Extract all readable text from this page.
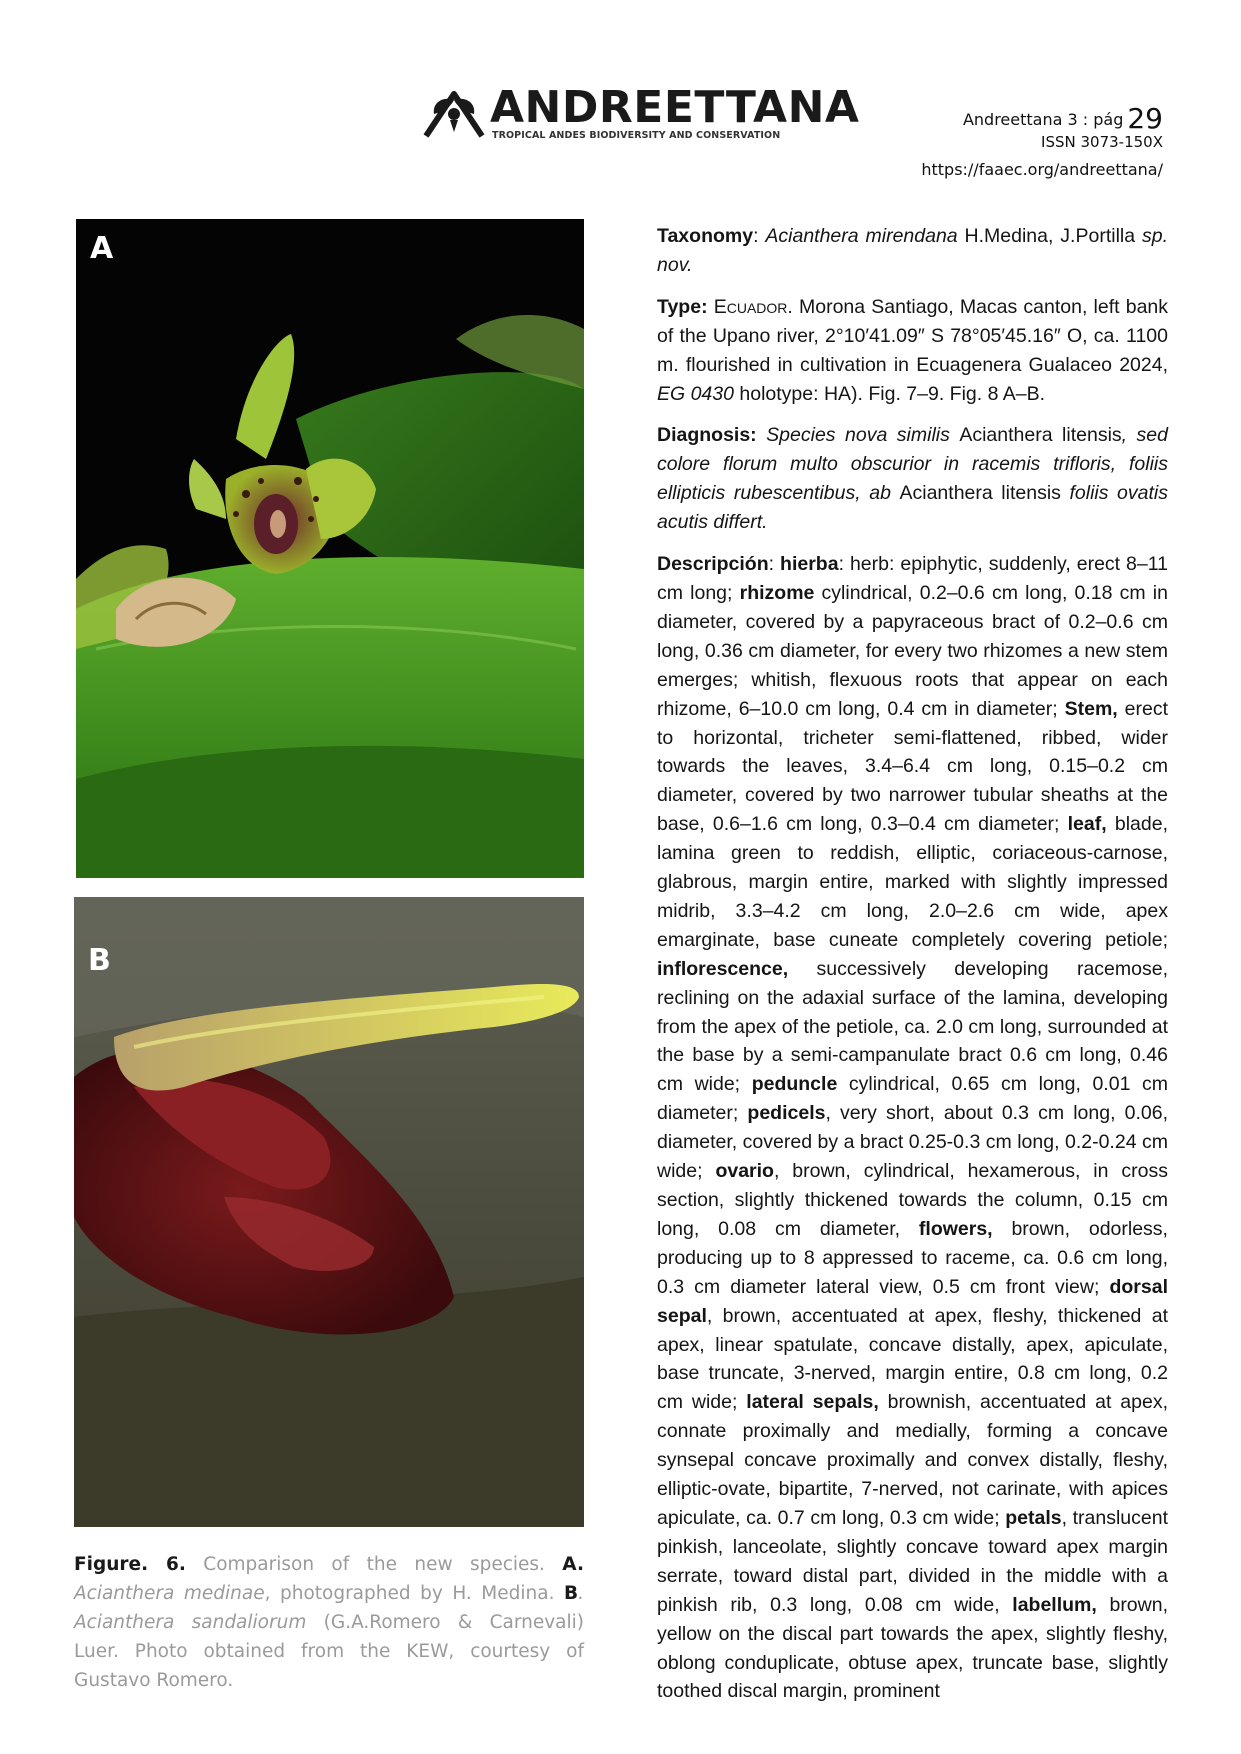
ANDREETTANA
TROPICAL ANDES BIODIVERSITY AND CONSERVATION
Andreettana 3 : pág 29
ISSN 3073-150X
https://faaec.org/andreettana/
A
B
Figure. 6. Comparison of the new species. A. Acianthera medinae, photographed by H. Medina. B. Acianthera sandaliorum (G.A.Romero & Carnevali) Luer. Photo obtained from the KEW, courtesy of Gustavo Romero.

Taxonomy: Acianthera mirendana H.Medina, J.Portilla sp. nov.

Type: Ecuador. Morona Santiago, Macas canton, left bank of the Upano river, 2°10′41.09″ S 78°05′45.16″ O, ca. 1100 m. flourished in cultivation in Ecuagenera Gualaceo 2024, EG 0430 holotype: HA). Fig. 7–9. Fig. 8 A–B.

Diagnosis: Species nova similis Acianthera litensis, sed colore florum multo obscurior in racemis trifloris, foliis ellipticis rubescentibus, ab Acianthera litensis foliis ovatis acutis differt.

Descripción: hierba: herb: epiphytic, suddenly, erect 8–11 cm long; rhizome cylindrical, 0.2–0.6 cm long, 0.18 cm in diameter, covered by a papyraceous bract of 0.2–0.6 cm long, 0.36 cm diameter, for every two rhizomes a new stem emerges; whitish, flexuous roots that appear on each rhizome, 6–10.0 cm long, 0.4 cm in diameter; Stem, erect to horizontal, tricheter semi-flattened, ribbed, wider towards the leaves, 3.4–6.4 cm long, 0.15–0.2 cm diameter, covered by two narrower tubular sheaths at the base, 0.6–1.6 cm long, 0.3–0.4 cm diameter; leaf, blade, lamina green to reddish, elliptic, coriaceous-carnose, glabrous, margin entire, marked with slightly impressed midrib, 3.3–4.2 cm long, 2.0–2.6 cm wide, apex emarginate, base cuneate completely covering petiole; inflorescence, successively developing racemose, reclining on the adaxial surface of the lamina, developing from the apex of the petiole, ca. 2.0 cm long, surrounded at the base by a semi-campanulate bract 0.6 cm long, 0.46 cm wide; peduncle cylindrical, 0.65 cm long, 0.01 cm diameter; pedicels, very short, about 0.3 cm long, 0.06, diameter, covered by a bract 0.25-0.3 cm long, 0.2-0.24 cm wide; ovario, brown, cylindrical, hexamerous, in cross section, slightly thickened towards the column, 0.15 cm long, 0.08 cm diameter, flowers, brown, odorless, producing up to 8 appressed to raceme, ca. 0.6 cm long, 0.3 cm diameter lateral view, 0.5 cm front view; dorsal sepal, brown, accentuated at apex, fleshy, thickened at apex, linear spatulate, concave distally, apex, apiculate, base truncate, 3-nerved, margin entire, 0.8 cm long, 0.2 cm wide; lateral sepals, brownish, accentuated at apex, connate proximally and medially, forming a concave synsepal concave proximally and convex distally, fleshy, elliptic-ovate, bipartite, 7-nerved, not carinate, with apices apiculate, ca. 0.7 cm long, 0.3 cm wide; petals, translucent pinkish, lanceolate, slightly concave toward apex margin serrate, toward distal part, divided in the middle with a pinkish rib, 0.3 long, 0.08 cm wide, labellum, brown, yellow on the discal part towards the apex, slightly fleshy, oblong conduplicate, obtuse apex, truncate base, slightly toothed discal margin, prominent
